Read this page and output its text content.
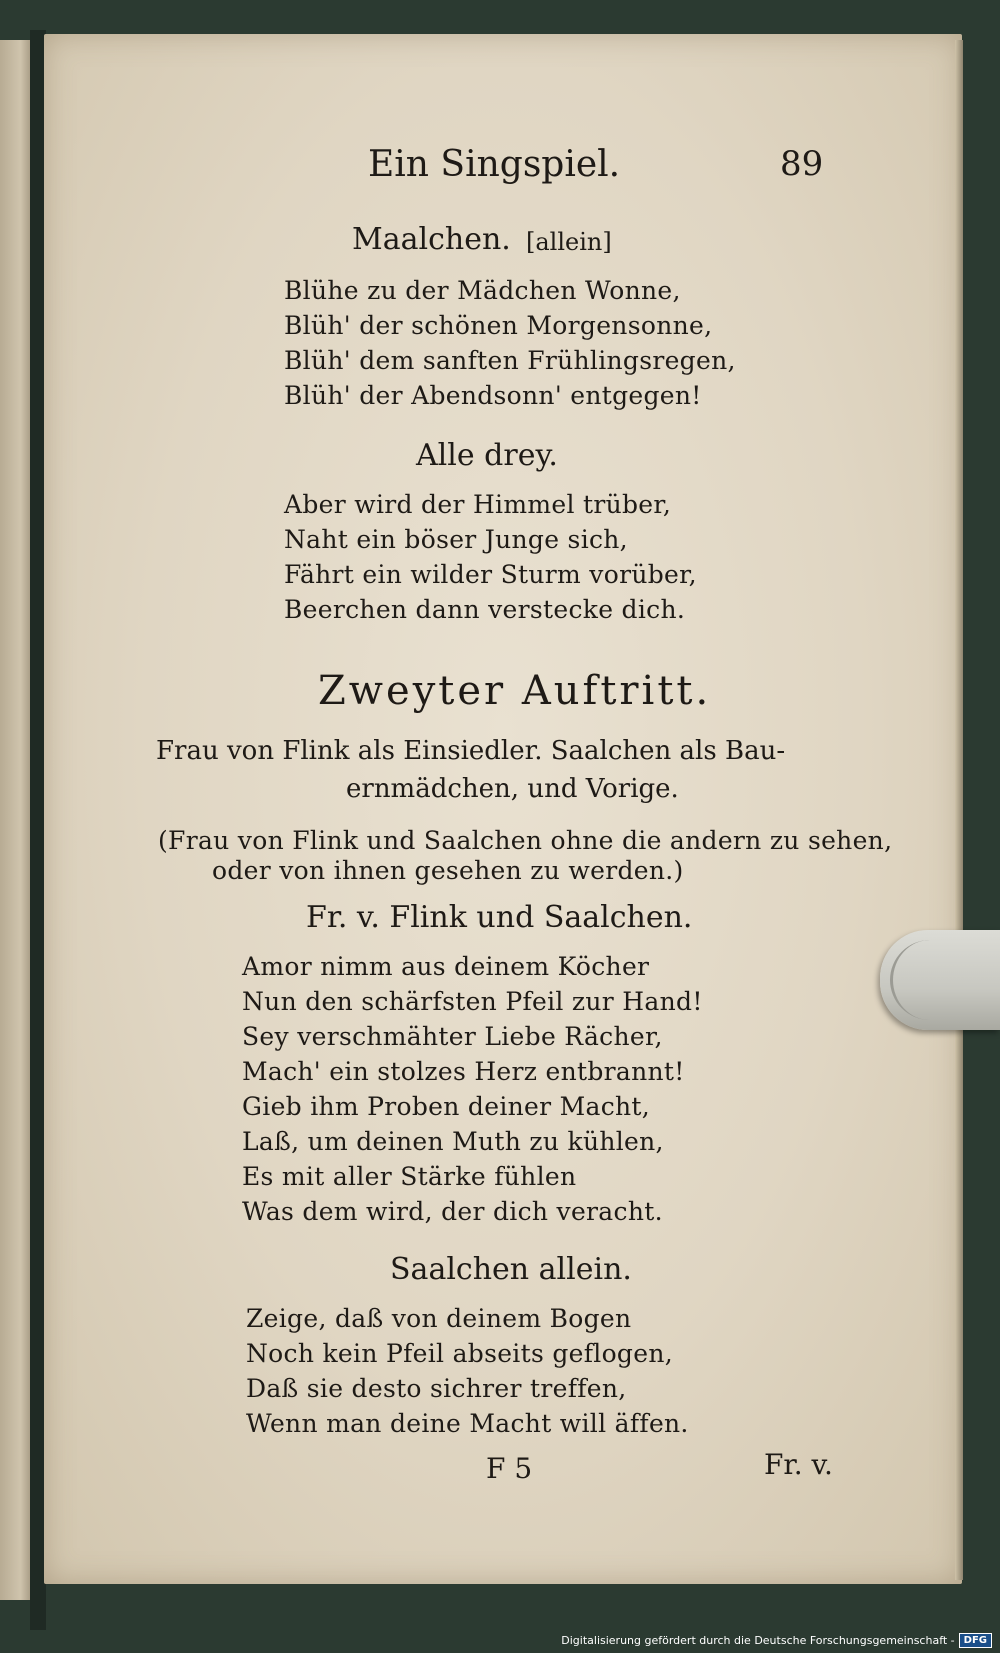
Ein Singspiel.	89
Maalchen. [allein]
Blühe zu der Mädchen Wonne,
Blüh' der schönen Morgensonne,
Blüh' dem sanften Frühlingsregen,
Blüh' der Abendsonn' entgegen!
Alle drey.
Aber wird der Himmel trüber,
Naht ein böser Junge sich,
Fährt ein wilder Sturm vorüber,
Beerchen dann verstecke dich.
Zweyter Auftritt.
Frau von Flink als Einsiedler. Saalchen als Bau-
ernmädchen, und Vorige.
(Frau von Flink und Saalchen ohne die andern zu sehen,
oder von ihnen gesehen zu werden.)
Fr. v. Flink und Saalchen.
Amor nimm aus deinem Köcher
Nun den schärfsten Pfeil zur Hand!
Sey verschmähter Liebe Rächer,
Mach' ein stolzes Herz entbrannt!
Gieb ihm Proben deiner Macht,
Laß, um deinen Muth zu kühlen,
Es mit aller Stärke fühlen
Was dem wird, der dich veracht.
Saalchen allein.
Zeige, daß von deinem Bogen
Noch kein Pfeil abseits geflogen,
Daß sie desto sichrer treffen,
Wenn man deine Macht will äffen.
F 5	Fr. v.
Digitalisierung gefördert durch die Deutsche Forschungsgemeinschaft - DFG
